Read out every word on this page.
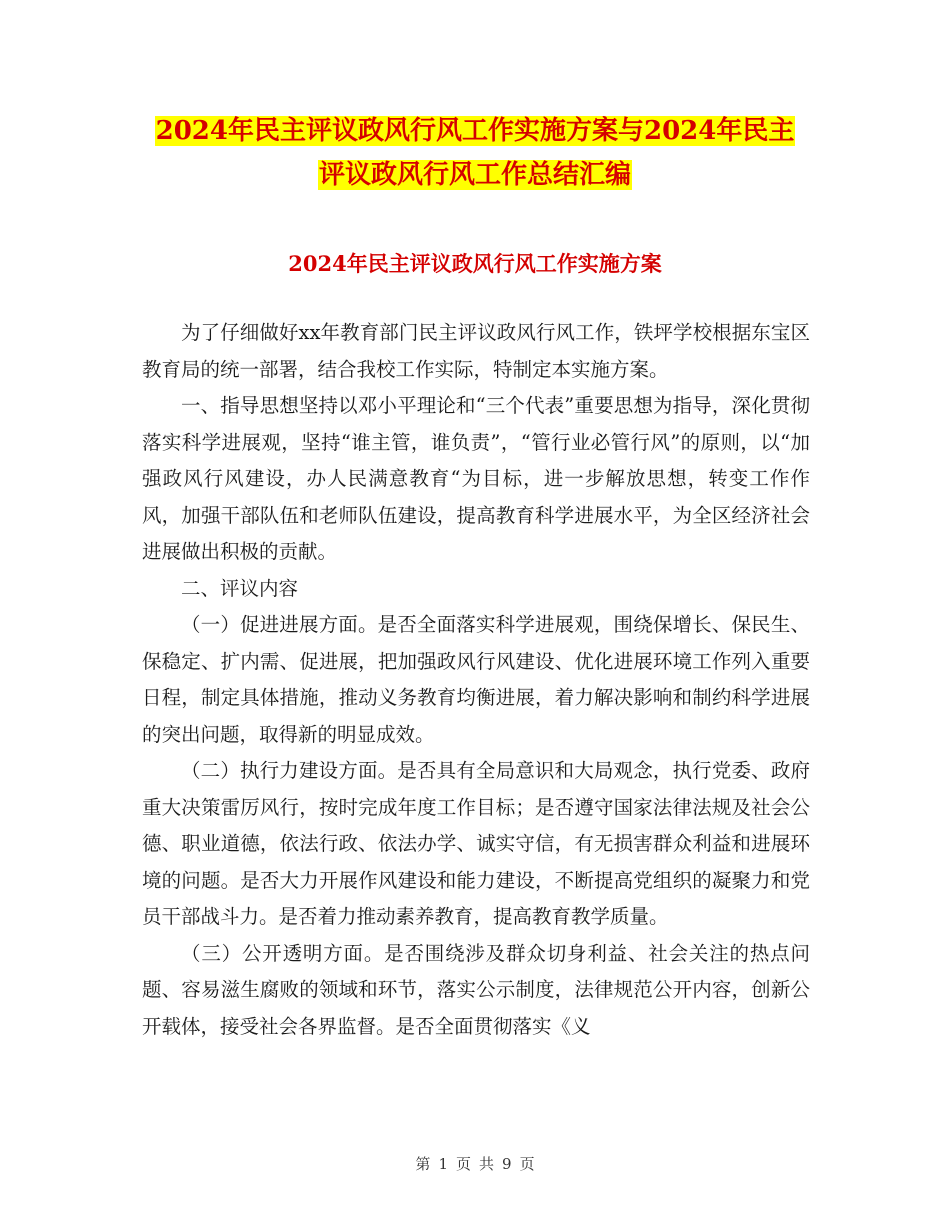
2024年民主评议政风行风工作实施方案与2024年民主
评议政风行风工作总结汇编
2024年民主评议政风行风工作实施方案

为了仔细做好xx年教育部门民主评议政风行风工作，铁坪学校根据东宝区教育局的统一部署，结合我校工作实际，特制定本实施方案。

一、指导思想坚持以邓小平理论和“三个代表”重要思想为指导，深化贯彻落实科学进展观，坚持“谁主管，谁负责”，“管行业必管行风”的原则，以“加强政风行风建设，办人民满意教育“为目标，进一步解放思想，转变工作作风，加强干部队伍和老师队伍建设，提高教育科学进展水平，为全区经济社会进展做出积极的贡献。

二、评议内容

（一）促进进展方面。是否全面落实科学进展观，围绕保增长、保民生、保稳定、扩内需、促进展，把加强政风行风建设、优化进展环境工作列入重要日程，制定具体措施，推动义务教育均衡进展，着力解决影响和制约科学进展的突出问题，取得新的明显成效。

（二）执行力建设方面。是否具有全局意识和大局观念，执行党委、政府重大决策雷厉风行，按时完成年度工作目标；是否遵守国家法律法规及社会公德、职业道德，依法行政、依法办学、诚实守信，有无损害群众利益和进展环境的问题。是否大力开展作风建设和能力建设，不断提高党组织的凝聚力和党员干部战斗力。是否着力推动素养教育，提高教育教学质量。

（三）公开透明方面。是否围绕涉及群众切身利益、社会关注的热点问题、容易滋生腐败的领域和环节，落实公示制度，法律规范公开内容，创新公开载体，接受社会各界监督。是否全面贯彻落实《义

第 1 页 共 9 页
